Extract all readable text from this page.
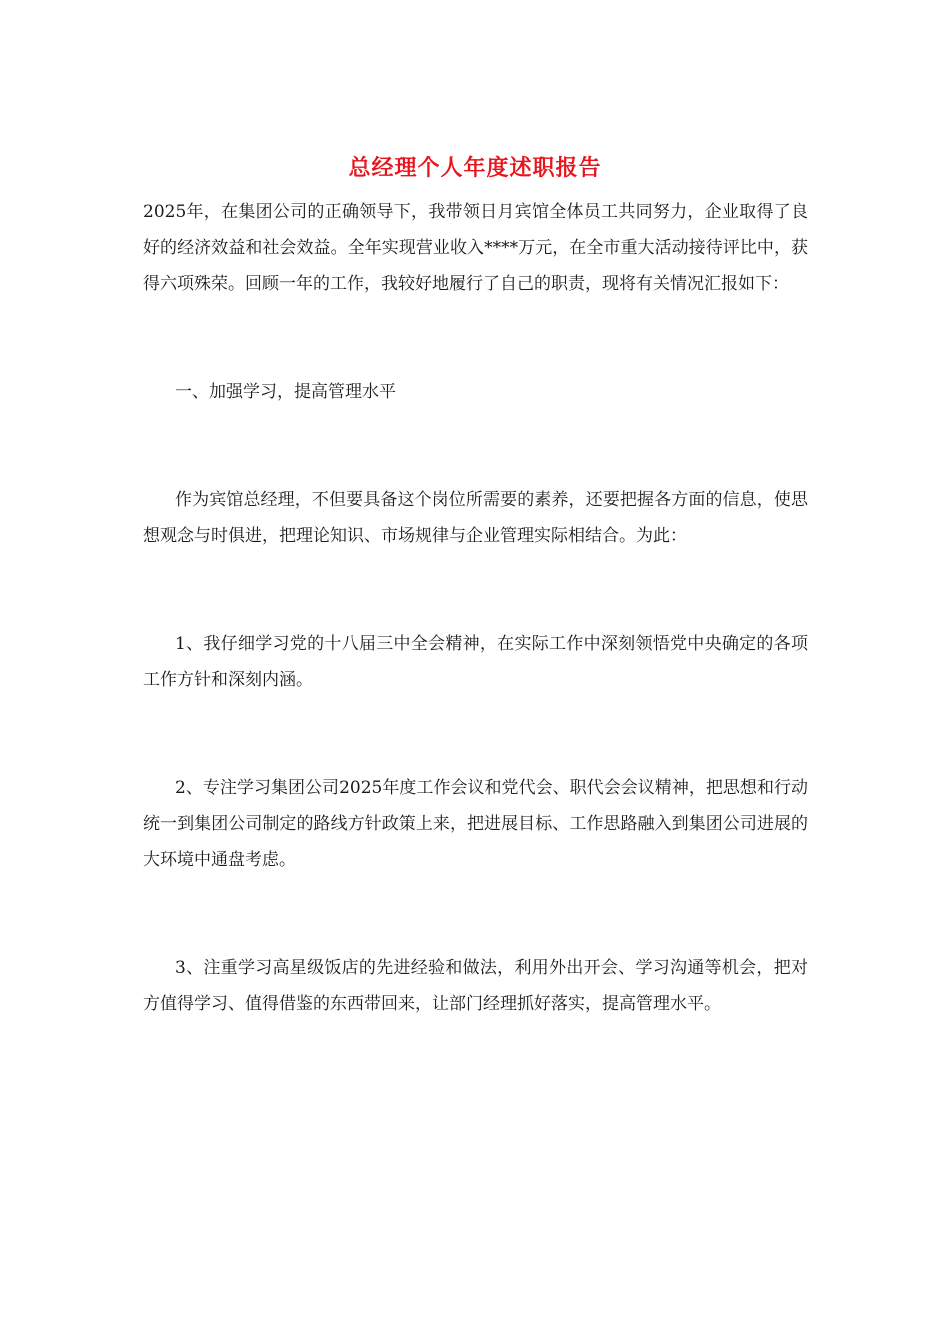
总经理个人年度述职报告

2025年，在集团公司的正确领导下，我带领日月宾馆全体员工共同努力，企业取得了良好的经济效益和社会效益。全年实现营业收入****万元，在全市重大活动接待评比中，获得六项殊荣。回顾一年的工作，我较好地履行了自己的职责，现将有关情况汇报如下：

一、加强学习，提高管理水平

作为宾馆总经理，不但要具备这个岗位所需要的素养，还要把握各方面的信息，使思想观念与时俱进，把理论知识、市场规律与企业管理实际相结合。为此：

1、我仔细学习党的十八届三中全会精神，在实际工作中深刻领悟党中央确定的各项工作方针和深刻内涵。

2、专注学习集团公司2025年度工作会议和党代会、职代会会议精神，把思想和行动统一到集团公司制定的路线方针政策上来，把进展目标、工作思路融入到集团公司进展的大环境中通盘考虑。

3、注重学习高星级饭店的先进经验和做法，利用外出开会、学习沟通等机会，把对方值得学习、值得借鉴的东西带回来，让部门经理抓好落实，提高管理水平。
